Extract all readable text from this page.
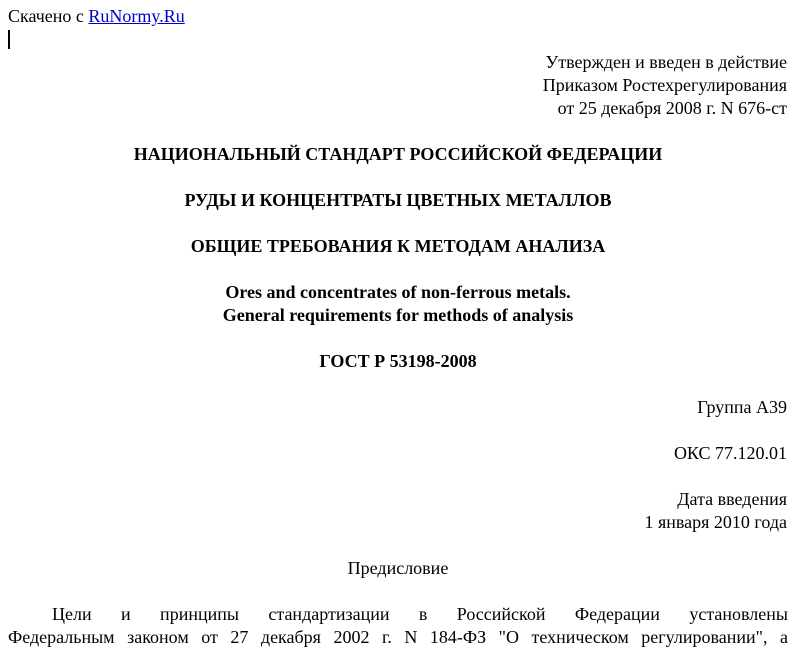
Скачено с RuNormy.Ru
Утвержден и введен в действие
Приказом Ростехрегулирования
от 25 декабря 2008 г. N 676-ст
НАЦИОНАЛЬНЫЙ СТАНДАРТ РОССИЙСКОЙ ФЕДЕРАЦИИ
РУДЫ И КОНЦЕНТРАТЫ ЦВЕТНЫХ МЕТАЛЛОВ
ОБЩИЕ ТРЕБОВАНИЯ К МЕТОДАМ АНАЛИЗА
Ores and concentrates of non-ferrous metals.
General requirements for methods of analysis
ГОСТ Р 53198-2008
Группа А39
ОКС 77.120.01
Дата введения
1 января 2010 года
Предисловие
Цели и принципы стандартизации в Российской Федерации установлены
Федеральным законом от 27 декабря 2002 г. N 184-ФЗ "О техническом регулировании", а
